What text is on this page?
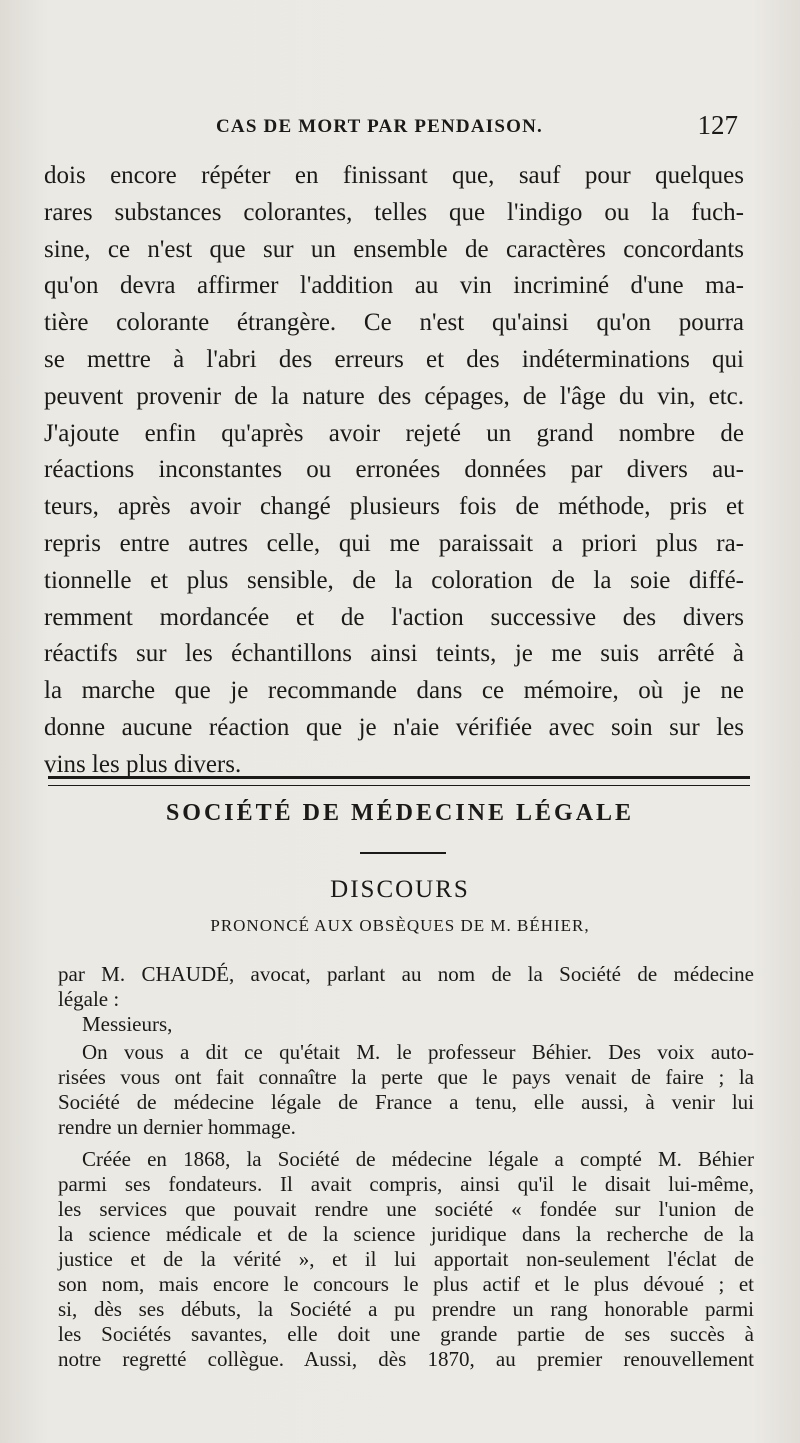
CAS DE MORT PAR PENDAISON.	127
dois encore répéter en finissant que, sauf pour quelques
rares substances colorantes, telles que l'indigo ou la fuch-
sine, ce n'est que sur un ensemble de caractères concordants
qu'on devra affirmer l'addition au vin incriminé d'une ma-
tière colorante étrangère. Ce n'est qu'ainsi qu'on pourra
se mettre à l'abri des erreurs et des indéterminations qui
peuvent provenir de la nature des cépages, de l'âge du vin, etc.
J'ajoute enfin qu'après avoir rejeté un grand nombre de
réactions inconstantes ou erronées données par divers au-
teurs, après avoir changé plusieurs fois de méthode, pris et
repris entre autres celle, qui me paraissait a priori plus ra-
tionnelle et plus sensible, de la coloration de la soie diffé-
remment mordancée et de l'action successive des divers
réactifs sur les échantillons ainsi teints, je me suis arrêté à
la marche que je recommande dans ce mémoire, où je ne
donne aucune réaction que je n'aie vérifiée avec soin sur les
vins les plus divers.
SOCIÉTÉ DE MÉDECINE LÉGALE
DISCOURS
PRONONCÉ AUX OBSÈQUES DE M. BÉHIER,
par M. CHAUDÉ, avocat, parlant au nom de la Société de médecine
légale :
Messieurs,
On vous a dit ce qu'était M. le professeur Béhier. Des voix auto-
risées vous ont fait connaître la perte que le pays venait de faire ; la
Société de médecine légale de France a tenu, elle aussi, à venir lui
rendre un dernier hommage.
Créée en 1868, la Société de médecine légale a compté M. Béhier
parmi ses fondateurs. Il avait compris, ainsi qu'il le disait lui-même,
les services que pouvait rendre une société « fondée sur l'union de
la science médicale et de la science juridique dans la recherche de la
justice et de la vérité », et il lui apportait non-seulement l'éclat de
son nom, mais encore le concours le plus actif et le plus dévoué ; et
si, dès ses débuts, la Société a pu prendre un rang honorable parmi
les Sociétés savantes, elle doit une grande partie de ses succès à
notre regretté collègue. Aussi, dès 1870, au premier renouvellement
